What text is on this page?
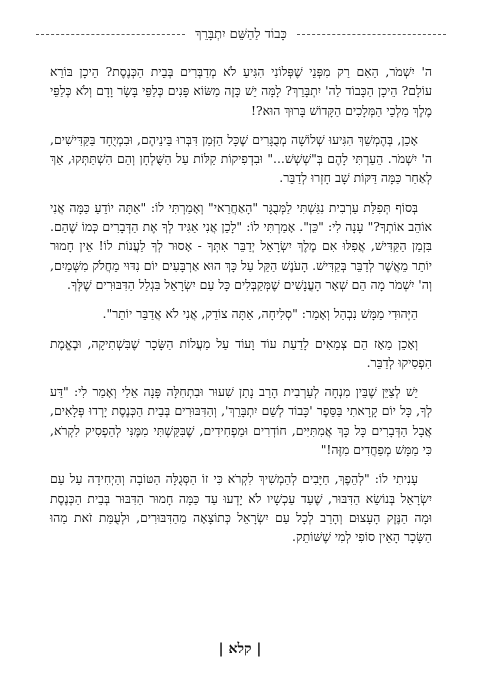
כָּבוֹד לַהַשֵּׁם יִתְבָּרֵךְ

ה' יִשְׁמֹר, הַאִם רַק מִפְּנֵי שֶׁפְּלוֹנִי הִגִּיעַ לֹא מְדַבְּרִים בְּבֵית הַכְּנֶסֶת? הֵיכָן בּוֹרֵא עוֹלָם? הֵיכָן הַכָּבוֹד לַה' יִתְבָּרֵךְ? לָמָּה יֵשׁ כָּזֶה מַשּׂוֹא פָּנִים כְּלַפֵּי בָּשָׂר וָדָם וְלֹא כְּלַפֵּי מֶלֶךְ מַלְכֵי הַמְּלָכִים הַקָּדוֹשׁ בָּרוּךְ הוּא?!

אָכֵן, בְּהֶמְשֵׁךְ הִגִּיעוּ שְׁלוֹשָׁה מְבֻגָּרִים שֶׁכָּל הַזְּמַן דִּבְּרוּ בֵּינֵיהֶם, וּבִמְיֻחָד בַּקַּדִּישִׁים, ה' יִשְׁמֹר. הֵעַרְתִּי לָהֶם בְּ"שְׁשְׁשׁ..." וּבִדְפִיקוֹת קַלּוֹת עַל הַשֻּׁלְחָן וְהֵם הִשְׁתַּתְּקוּ, אַךְ לְאַחַר כַּמָּה דַּקּוֹת שָׁב חָזְרוּ לְדַבֵּר.

בְּסוֹף תְּפִלַּת עַרְבִית נִגַּשְׁתִּי לַמְּבֻגָּר "הָאַחֲרַאי" וְאָמַרְתִּי לוֹ: "אַתָּה יוֹדֵעַ כַּמָּה אֲנִי אוֹהֵב אוֹתְךָ?" עָנָה לִי: "כֵּן". אָמַרְתִּי לוֹ: "לָכֵן אֲנִי אַגִּיד לְךָ אֶת הַדְּבָרִים כְּמוֹ שֶׁהֵם. בִּזְמַן הַקַּדִּישׁ, אֲפִלּוּ אִם מֶלֶךְ יִשְׂרָאֵל יְדַבֵּר אִתְּךָ - אָסוּר לְךָ לַעֲנוֹת לוֹ! אֵין חָמוּר יוֹתֵר מֵאֲשֶׁר לְדַבֵּר בְּקַדִּישׁ. הָעֹנֶשׁ הַקַּל עַל כָּךְ הוּא אַרְבָּעִים יוֹם נִדּוּי מֵחֲלֹק מִשְּׁמַיִם, וְה' יִשְׁמֹר מָה הֵם שְׁאָר הָעֳנָשִׁים שֶׁמְּקַבְּלִים כָּל עַם יִשְׂרָאֵל בִּגְלַל הַדִּבּוּרִים שֶׁלְּךָ.

הַיְּהוּדִי מַמָּשׁ נִבְהַל וְאָמַר: "סְלִיחָה, אַתָּה צוֹדֵק, אֲנִי לֹא אֲדַבֵּר יוֹתֵר".

וְאָכֵן מֵאָז הֵם צְמֵאִים לָדַעַת עוֹד וָעוֹד עַל מַעֲלוֹת הַשָּׂכָר שֶׁבִּשְׁתִיקָה, וּבֶאֱמֶת הִפְסִיקוּ לְדַבֵּר.

יֵשׁ לְצַיֵּן שֶׁבֵּין מִנְחָה לְעַרְבִית הָרַב נָתַן שִׁעוּר וּבִתְחִלָּה פָּנָה אֵלַי וְאָמַר לִי: "דַּע לְךָ, כָּל יוֹם קָרָאתִי בַּסֵּפֶר 'כָּבוֹד לְשֵׁם יִתְבָּרֵךְ', וְהַדִּבּוּרִים בְּבֵית הַכְּנֶסֶת יָרְדוּ פְּלָאִים, אֲבָל הַדְּבָרִים כָּל כָּךְ אֲמִתִּיִּים, חוֹדְרִים וּמַפְחִידִים, שֶׁבִּקַּשְׁתִּי מִמֶּנִּי לְהַפְסִיק לִקְרֹא, כִּי מַמָּשׁ מְפַחֲדִים מִזֶּה!"

עָנִיתִי לוֹ: "לְהֵפֶךְ, חַיָּבִים לְהַמְשִׁיךְ לִקְרֹא כִּי זוֹ הַסְּגֻלָּה הַטּוֹבָה וְהַיְחִידָה עַל עַם יִשְׂרָאֵל בְּנוֹשֵׂא הַדִּבּוּר, שֶׁעַד עַכְשָׁיו לֹא יָדְעוּ עַד כַּמָּה חָמוּר הַדִּבּוּר בְּבֵית הַכְּנֶסֶת וּמָה הַנֶּזֶק הָעָצוּם וְהָרַב לְכָל עַם יִשְׂרָאֵל כְּתוֹצָאָה מֵהַדִּבּוּרִים, וּלְעֻמַּת זֹאת מַהוּ הַשָּׂכָר הָאֵין סוֹפִי לְמִי שֶׁשּׁוֹתֵק.

| קלא |
